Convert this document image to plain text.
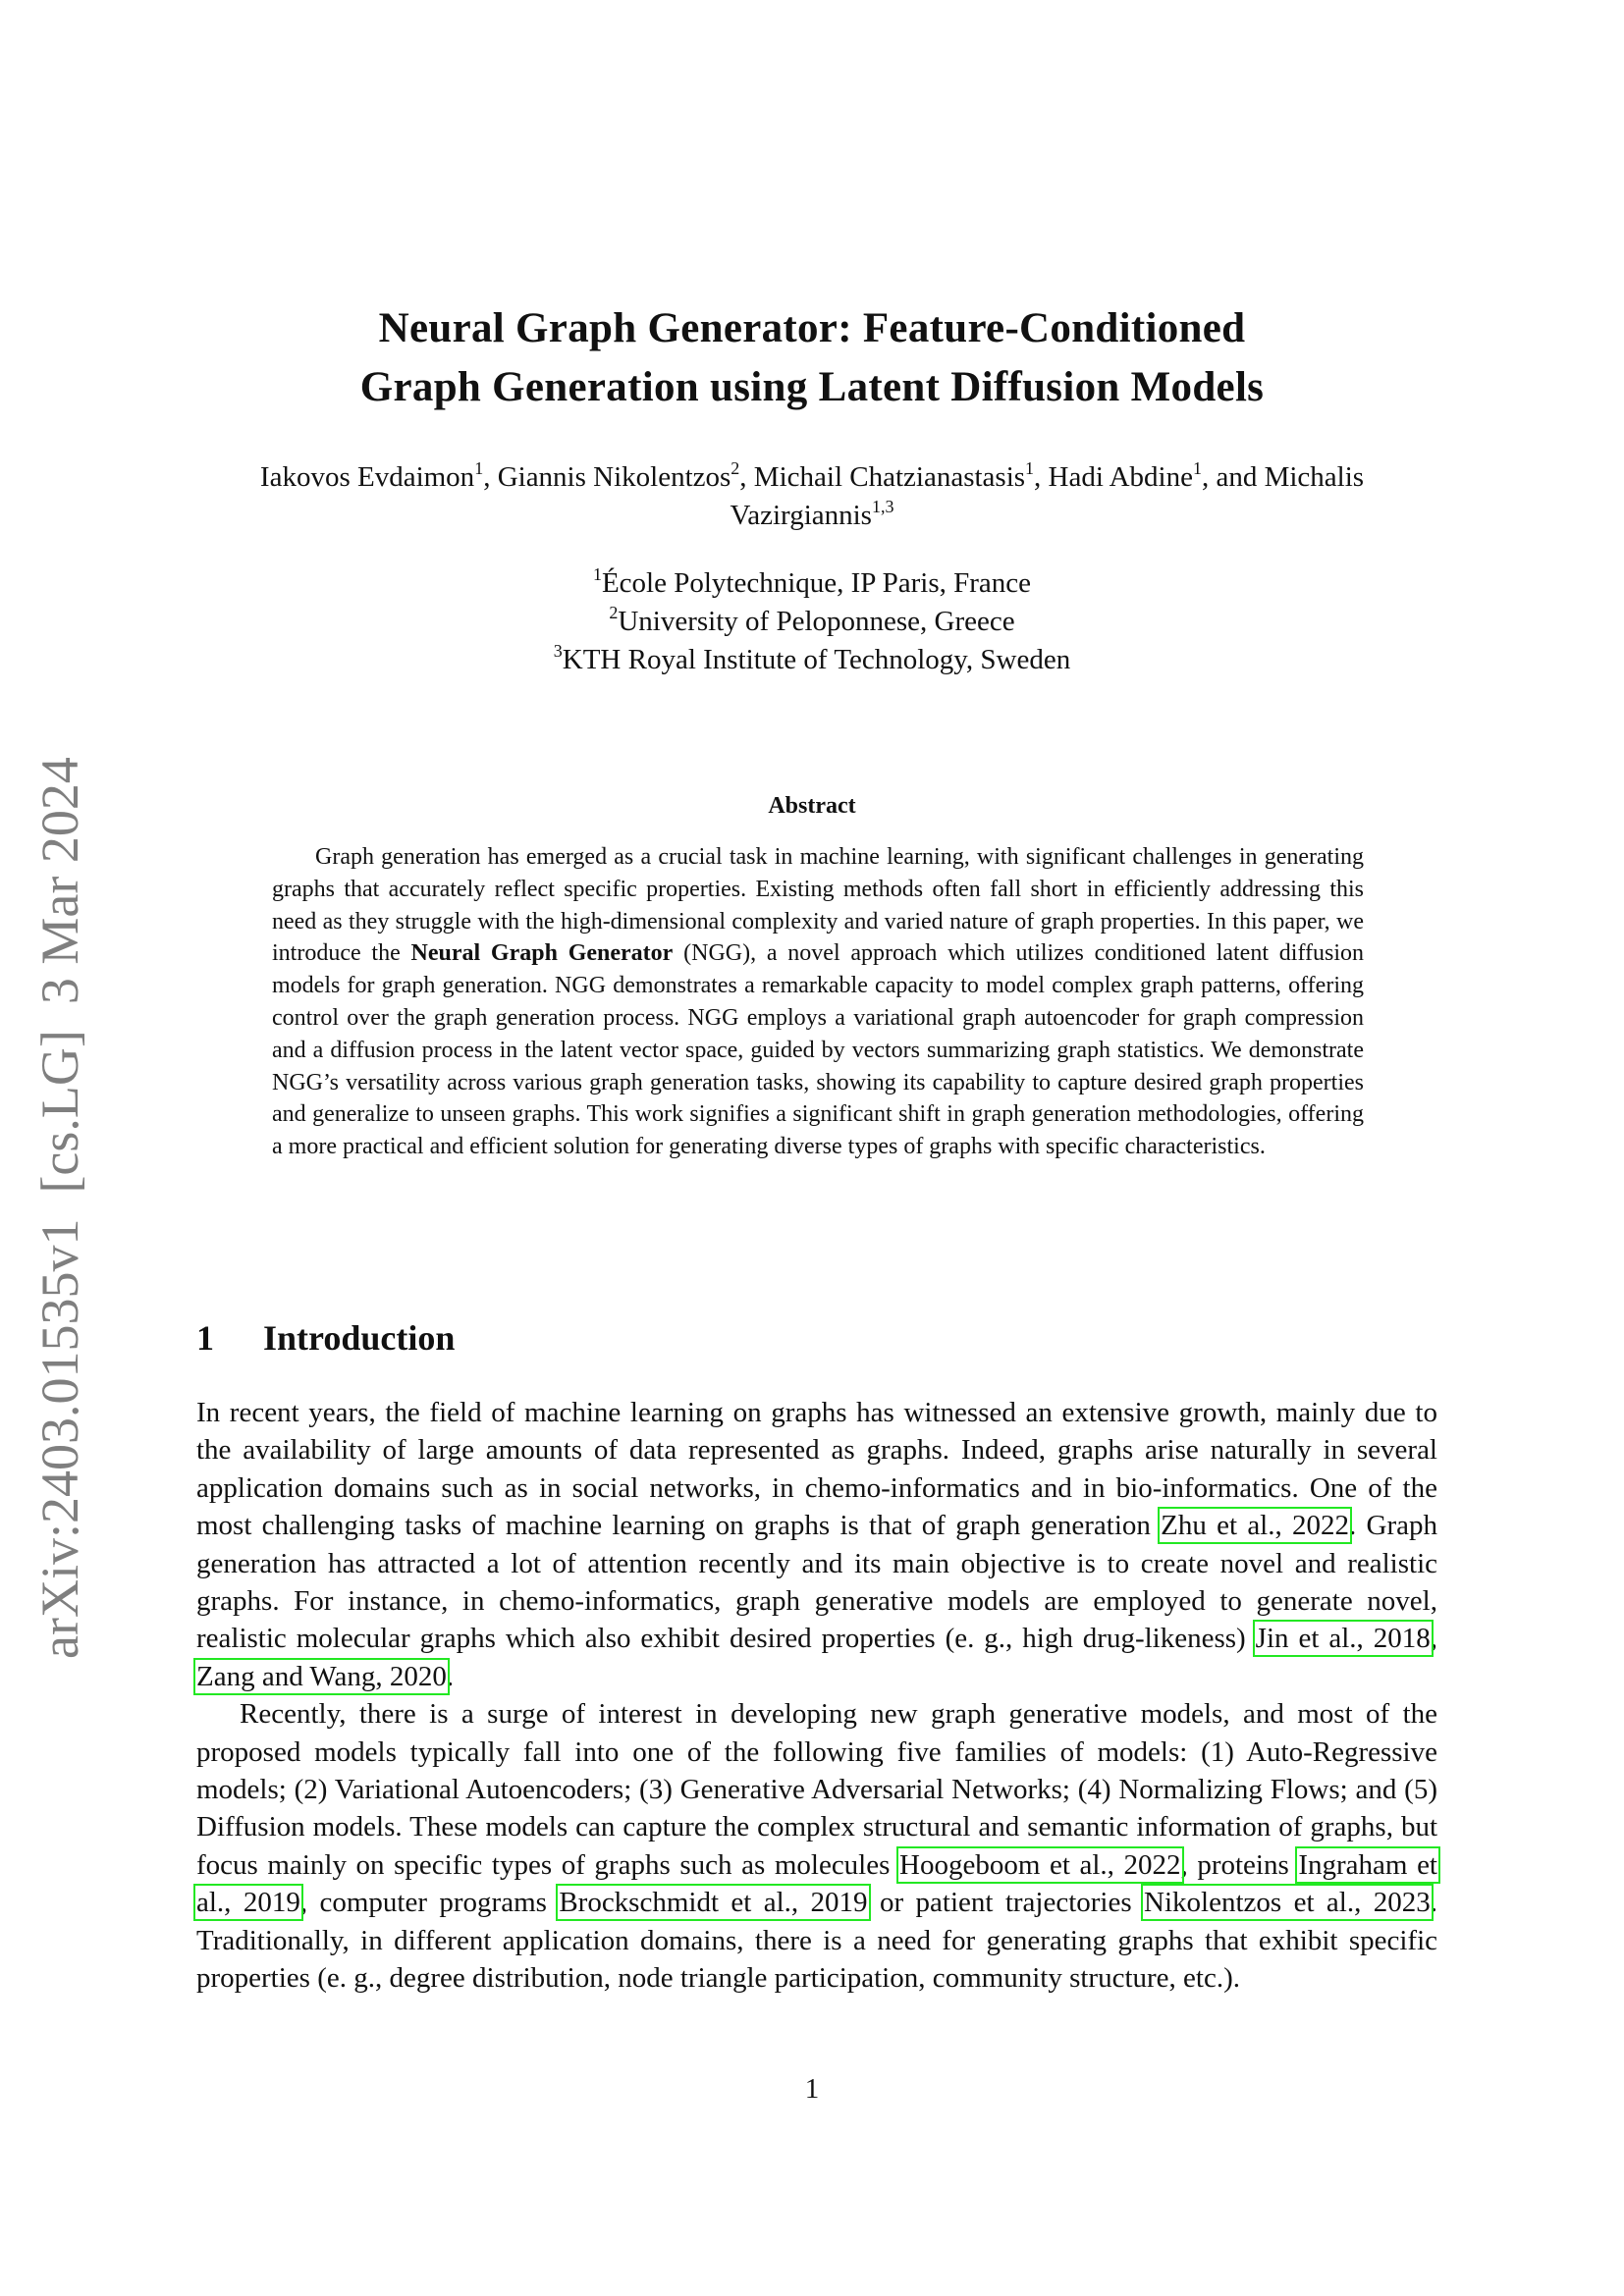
arXiv:2403.01535v1[cs.LG]3 Mar 2024
Neural Graph Generator: Feature-Conditioned
Graph Generation using Latent Diffusion Models
Iakovos Evdaimon$^1$, Giannis Nikolentzos$^2$, Michail Chatzianastasis$^1$, Hadi Abdine$^1$, and Michalis Vazirgiannis$^{1,3}$
$^1$École Polytechnique, IP Paris, France
$^2$University of Peloponnese, Greece
$^3$KTH Royal Institute of Technology, Sweden
Abstract
Graph generation has emerged as a crucial task in machine learning, with significant challenges in generating graphs that accurately reflect specific properties. Existing methods often fall short in efficiently addressing this need as they struggle with the high-dimensional complexity and varied nature of graph properties. In this paper, we introduce the Neural Graph Generator (NGG), a novel approach which utilizes conditioned latent diffusion models for graph generation. NGG demonstrates a remarkable capacity to model complex graph patterns, offering control over the graph generation process. NGG employs a variational graph autoencoder for graph compression and a diffusion process in the latent vector space, guided by vectors summarizing graph statistics. We demonstrate NGG’s versatility across various graph generation tasks, showing its capability to capture desired graph properties and generalize to unseen graphs. This work signifies a significant shift in graph generation methodologies, offering a more practical and efficient solution for generating diverse types of graphs with specific characteristics.
1 Introduction

In recent years, the field of machine learning on graphs has witnessed an extensive growth, mainly due to the availability of large amounts of data represented as graphs. Indeed, graphs arise naturally in several application domains such as in social networks, in chemo-informatics and in bio-informatics. One of the most challenging tasks of machine learning on graphs is that of graph generation Zhu et al., 2022. Graph generation has attracted a lot of attention recently and its main objective is to create novel and realistic graphs. For instance, in chemo-informatics, graph generative models are employed to generate novel, realistic molecular graphs which also exhibit desired properties (e. g., high drug-likeness) Jin et al., 2018, Zang and Wang, 2020.

Recently, there is a surge of interest in developing new graph generative models, and most of the proposed models typically fall into one of the following five families of models: (1) Auto-Regressive models; (2) Variational Autoencoders; (3) Generative Adversarial Networks; (4) Normalizing Flows; and (5) Diffusion models. These models can capture the complex structural and semantic information of graphs, but focus mainly on specific types of graphs such as molecules Hoogeboom et al., 2022, proteins Ingraham et al., 2019, computer programs Brockschmidt et al., 2019 or patient trajectories Nikolentzos et al., 2023. Traditionally, in different application domains, there is a need for generating graphs that exhibit specific properties (e. g., degree distribution, node triangle participation, community structure, etc.).

1
